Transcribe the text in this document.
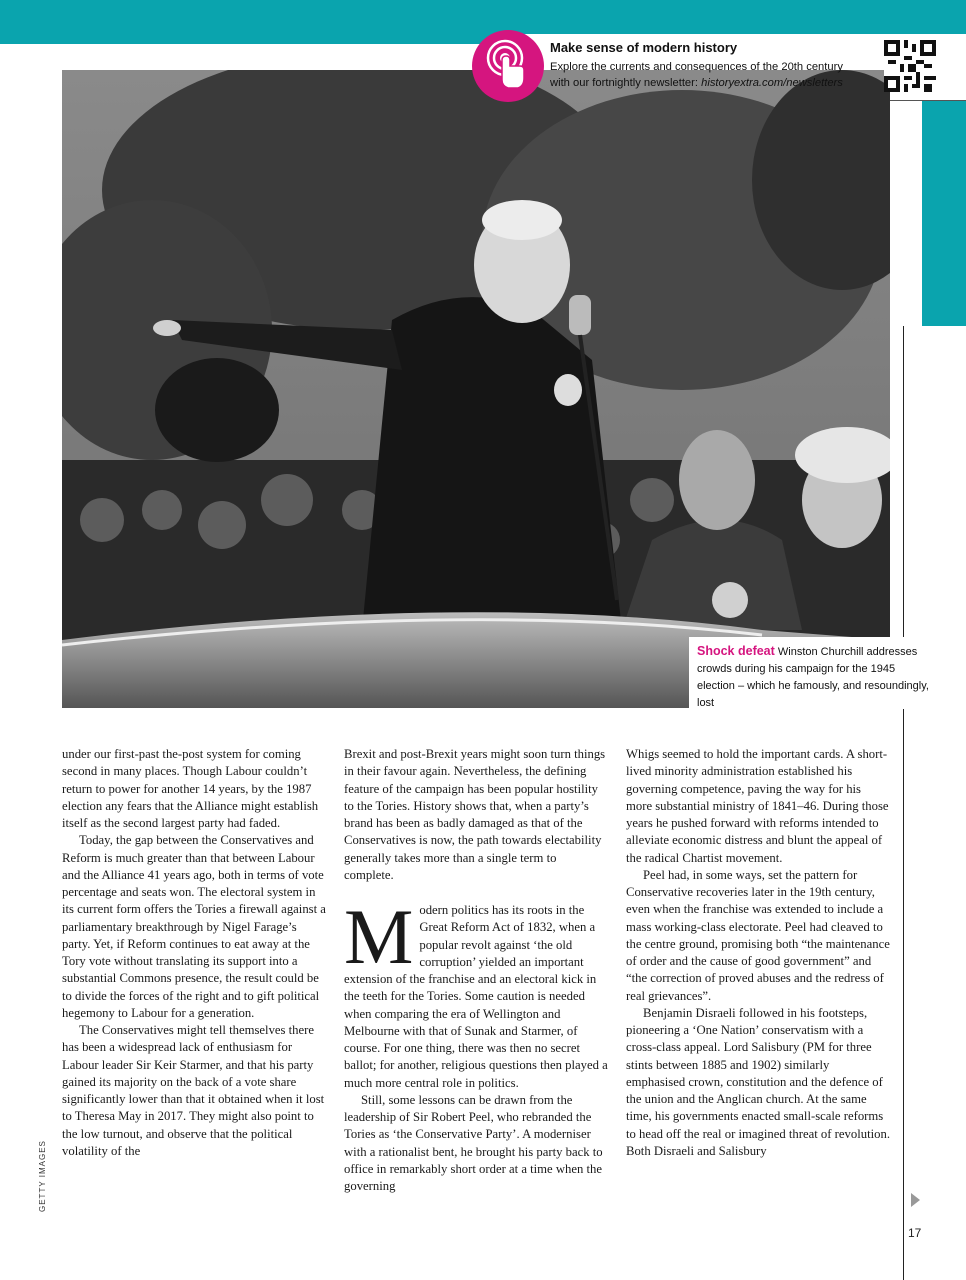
Make sense of modern history
Explore the currents and consequences of the 20th century
with our fortnightly newsletter: historyextra.com/newsletters
Shock defeat Winston Churchill addresses crowds during his campaign for the 1945 election – which he famously, and resoundingly, lost

under our first-past the-post system for coming second in many places. Though Labour couldn’t return to power for another 14 years, by the 1987 election any fears that the Alliance might establish itself as the second largest party had faded.

Today, the gap between the Conservatives and Reform is much greater than that between Labour and the Alliance 41 years ago, both in terms of vote percentage and seats won. The electoral system in its current form offers the Tories a firewall against a parliamentary breakthrough by Nigel Farage’s party. Yet, if Reform continues to eat away at the Tory vote without translating its support into a substantial Commons presence, the result could be to divide the forces of the right and to gift political hegemony to Labour for a generation.

The Conservatives might tell themselves there has been a widespread lack of enthusiasm for Labour leader Sir Keir Starmer, and that his party gained its majority on the back of a vote share significantly lower than that it obtained when it lost to Theresa May in 2017. They might also point to the low turnout, and observe that the political volatility of the

Brexit and post-Brexit years might soon turn things in their favour again. Nevertheless, the defining feature of the campaign has been popular hostility to the Tories. History shows that, when a party’s brand has been as badly damaged as that of the Conservatives is now, the path towards electability generally takes more than a single term to complete.

Modern politics has its roots in the Great Reform Act of 1832, when a popular revolt against ‘the old corruption’ yielded an important extension of the franchise and an electoral kick in the teeth for the Tories. Some caution is needed when comparing the era of Wellington and Melbourne with that of Sunak and Starmer, of course. For one thing, there was then no secret ballot; for another, religious questions then played a much more central role in politics.

Still, some lessons can be drawn from the leadership of Sir Robert Peel, who rebranded the Tories as ‘the Conservative Party’. A moderniser with a rationalist bent, he brought his party back to office in remarkably short order at a time when the governing

Whigs seemed to hold the important cards. A short-lived minority administration established his governing competence, paving the way for his more substantial ministry of 1841–46. During those years he pushed forward with reforms intended to alleviate economic distress and blunt the appeal of the radical Chartist movement.

Peel had, in some ways, set the pattern for Conservative recoveries later in the 19th century, even when the franchise was extended to include a mass working-class electorate. Peel had cleaved to the centre ground, promising both “the maintenance of order and the cause of good government” and “the correction of proved abuses and the redress of real grievances”.

Benjamin Disraeli followed in his footsteps, pioneering a ‘One Nation’ conservatism with a cross-class appeal. Lord Salisbury (PM for three stints between 1885 and 1902) similarly emphasised crown, constitution and the defence of the union and the Anglican church. At the same time, his governments enacted small-scale reforms to head off the real or imagined threat of revolution. Both Disraeli and Salisbury

GETTY IMAGES
17
